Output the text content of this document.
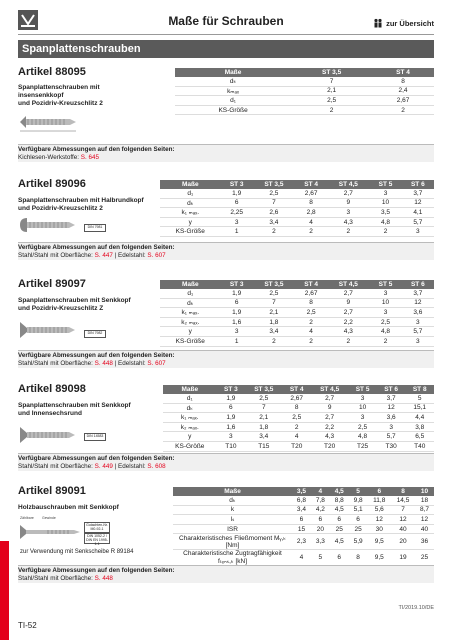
Maße für Schrauben	zur Übersicht
Spanplattenschrauben
Artikel 88095
Spanplattenschrauben mit
insensenkkopf
und Pozidriv-Kreuzschlitz 2
Maße	ST 3,5	ST 4
dₖ	7	8
kₘₐₓ	2,1	2,4
d₁	2,5	2,67
KS-Größe	2	2
Verfügbare Abmessungen auf den folgenden Seiten:
Kichlesen-Werkstoffe: S. 645
Artikel 89096
Spanplattenschrauben mit Halbrundkopf
und Pozidriv-Kreuzschlitz 2
DIN 7981
Maße	ST 3	ST 3,5	ST 4	ST 4,5	ST 5	ST 6
d₁	1,9	2,5	2,67	2,7	3	3,7
dₖ	6	7	8	9	10	12
k₁ ₘₐₓ.	2,25	2,6	2,8	3	3,5	4,1
y	3	3,4	4	4,3	4,8	5,7
KS-Größe	1	2	2	2	2	3
Verfügbare Abmessungen auf den folgenden Seiten:
Stahl/Stahl mit Oberfläche: S. 447 | Edelstahl: S. 607
Artikel 89097
Spanplattenschrauben mit Senkkopf
und Pozidriv-Kreuzschlitz Z
DIN 7982
Maße	ST 3	ST 3,5	ST 4	ST 4,5	ST 5	ST 6
d₁	1,9	2,5	2,67	2,7	3	3,7
dₖ	6	7	8	9	10	12
k₁ ₘₐₓ.	1,9	2,1	2,5	2,7	3	3,6
k₂ ₘₐₓ.	1,6	1,8	2	2,2	2,5	3
y	3	3,4	4	4,3	4,8	5,7
KS-Größe	1	2	2	2	2	3
Verfügbare Abmessungen auf den folgenden Seiten:
Stahl/Stahl mit Oberfläche: S. 448 | Edelstahl: S. 607
Artikel 89098
Spanplattenschrauben mit Senkkopf
und Innensechsrund
DIN 14583
Maße	ST 3	ST 3,5	ST 4	ST 4,5	ST 5	ST 6	ST 8
d₁	1,9	2,5	2,67	2,7	3	3,7	5
dₖ	6	7	8	9	10	12	15,1
k₁ ₘₐₓ.	1,9	2,1	2,5	2,7	3	3,6	4,4
k₂ ₘₐₓ.	1,6	1,8	2	2,2	2,5	3	3,8
y	3	3,4	4	4,3	4,8	5,7	6,5
KS-Größe	T10	T15	T20	T20	T25	T30	T40
Verfügbare Abmessungen auf den folgenden Seiten:
Stahl/Stahl mit Oberfläche: S. 449 | Edelstahl: S. 608
Artikel 89091
Holzbauschrauben mit Senkkopf
Zählbare Gewinde
Gutachten-Nr. M0-92-1
DIN 1052-2 / DIN EN 1995-1-1
zur Verwendung mit Senkscheibe R 89184
Maße	3,5	4	4,5	5	6	8	10
dₖ	6,8	7,8	8,8	9,8	11,8	14,5	18
k	3,4	4,2	4,5	5,1	5,6	7	8,7
lₛ	6	6	6	6	12	12	12
ISR	15	20	25	25	30	40	40
Charakteristisches Fließmoment Mᵧ,ₖ [Nm]	2,3	3,3	4,5	5,9	9,5	20	36
Charakteristische Zugtragfähigkeit fₜₑₙₛ,ₖ [kN]	4	5	6	8	9,5	19	25

Verfügbare Abmessungen auf den folgenden Seiten:
Stahl/Stahl mit Oberfläche: S. 448
TI/2019.10/DE
TI-52
